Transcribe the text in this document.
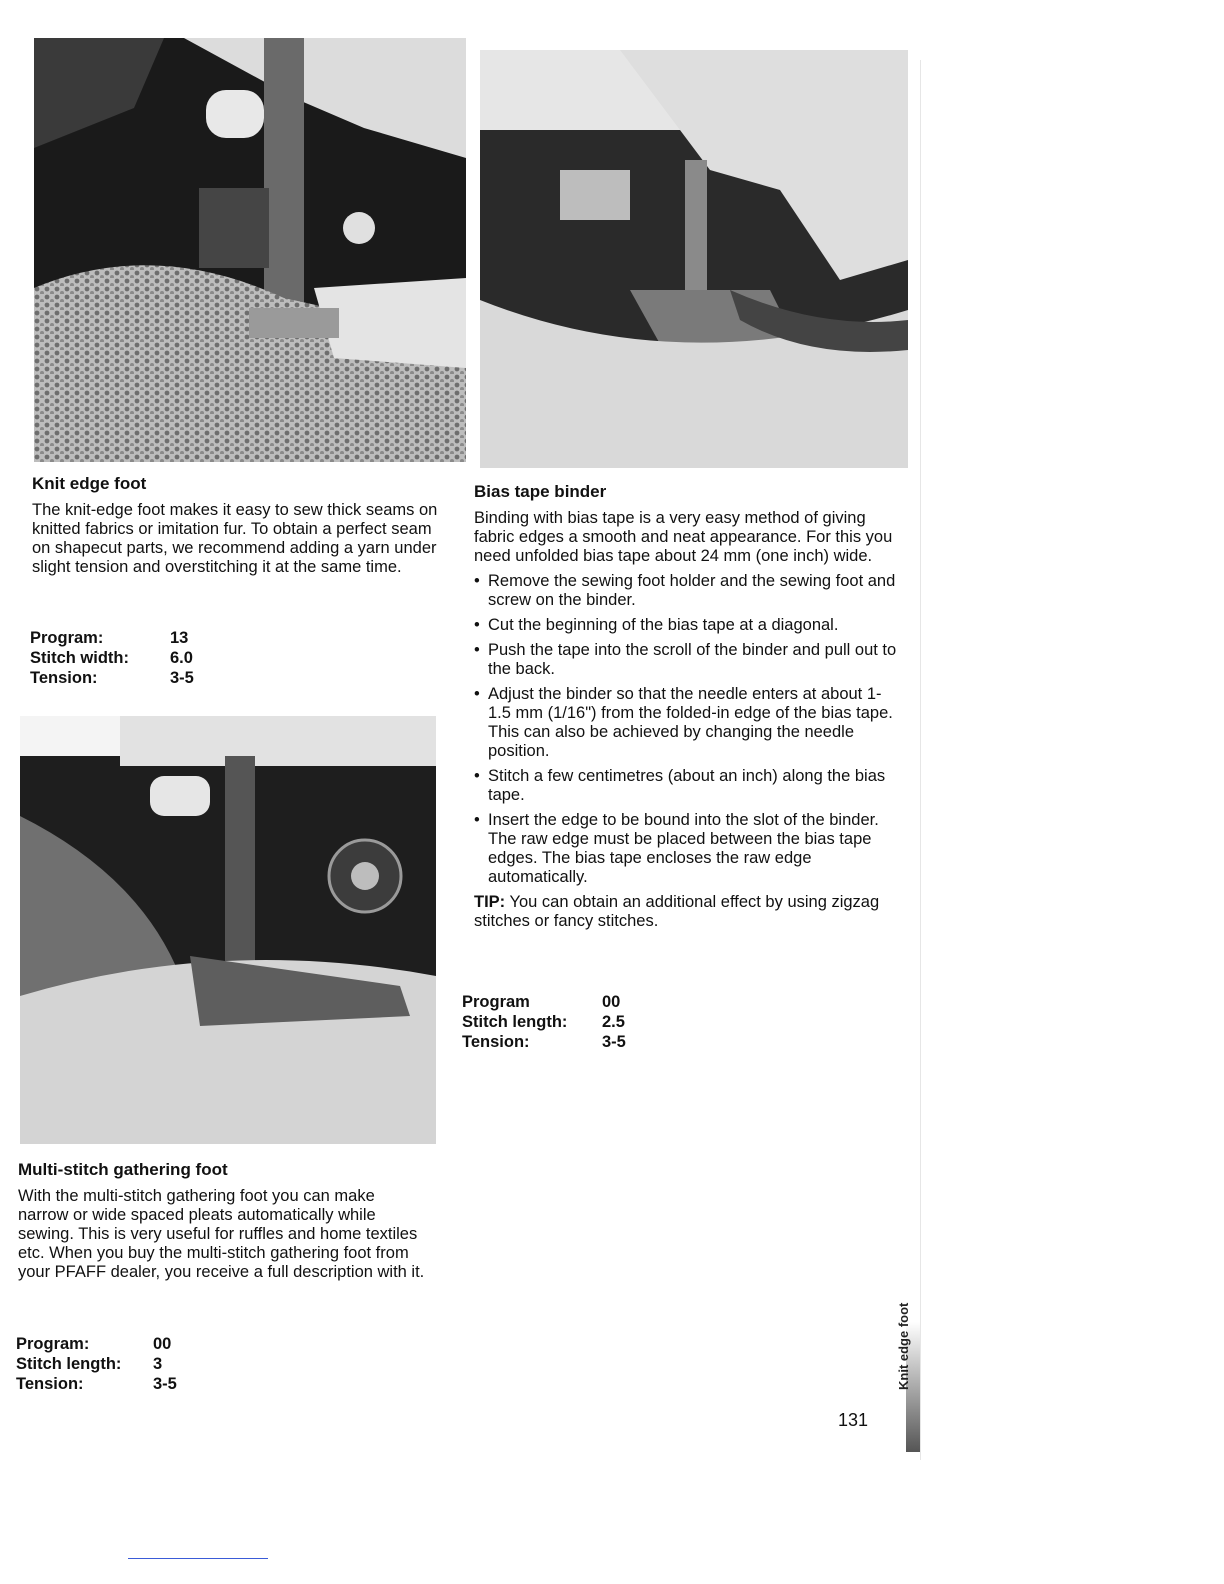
Knit edge foot

The knit-edge foot makes it easy to sew thick seams on knitted fabrics or imitation fur. To obtain a perfect seam on shapecut parts, we recommend adding a yarn under slight tension and overstitching it at the same time.

Program:	13
Stitch width:	6.0
Tension:	3-5
Multi-stitch gathering foot

With the multi-stitch gathering foot you can make narrow or wide spaced pleats automatically while sewing. This is very useful for ruffles and home textiles etc. When you buy the multi-stitch gathering foot from your PFAFF dealer, you receive a full description with it.

Program:	00
Stitch length:	3
Tension:	3-5
Bias tape binder

Binding with bias tape is a very easy method of giving fabric edges a smooth and neat appearance. For this you need unfolded bias tape about 24 mm (one inch) wide.

• Remove the sewing foot holder and the sewing foot and screw on the binder.
• Cut the beginning of the bias tape at a diagonal.
• Push the tape into the scroll of the binder and pull out to the back.
• Adjust the binder so that the needle enters at about 1-1.5 mm (1/16") from the folded-in edge of the bias tape. This can also be achieved by changing the needle position.
• Stitch a few centimetres (about an inch) along the bias tape.
• Insert the edge to be bound into the slot of the binder. The raw edge must be placed between the bias tape edges. The bias tape encloses the raw edge automatically.

TIP: You can obtain an additional effect by using zigzag stitches or fancy stitches.

Program	00
Stitch length:	2.5
Tension:	3-5
131
Knit edge foot
